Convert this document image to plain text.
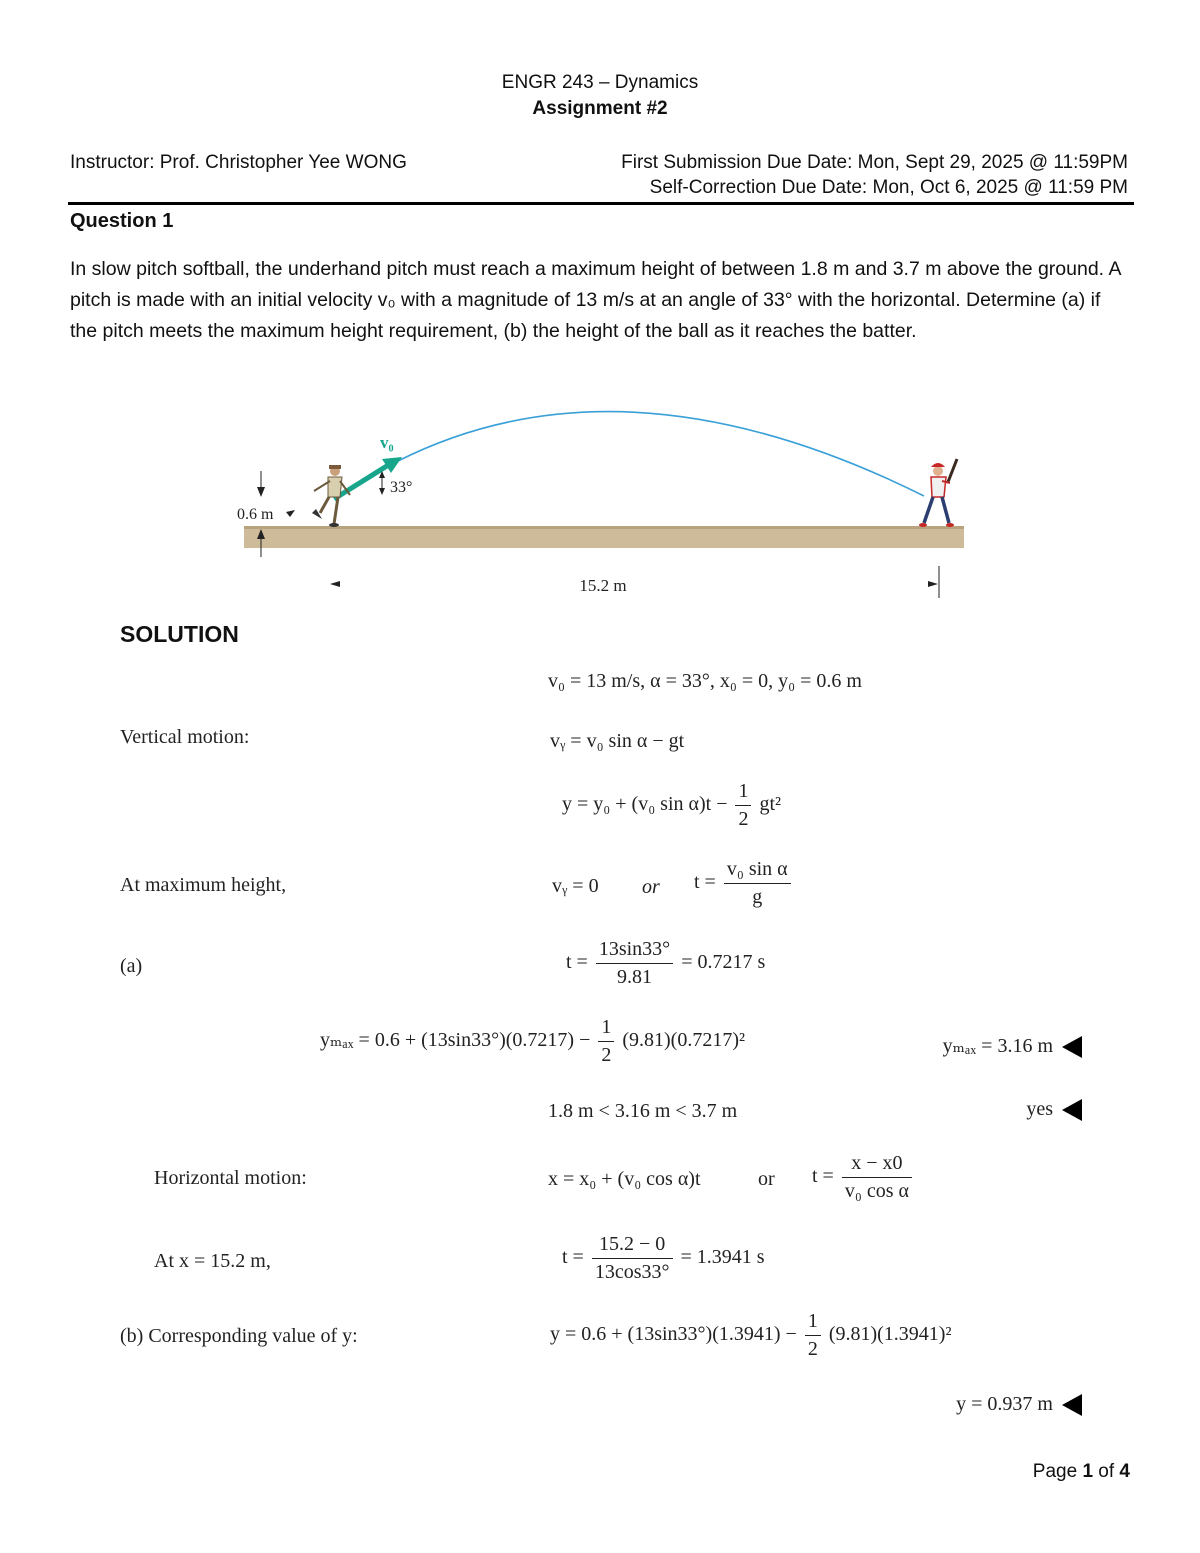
ENGR 243 – Dynamics
Assignment #2
Instructor: Prof. Christopher Yee WONG	First Submission Due Date: Mon, Sept 29, 2025 @ 11:59PM
Self-Correction Due Date: Mon, Oct 6, 2025 @ 11:59 PM
Question 1
In slow pitch softball, the underhand pitch must reach a maximum height of between 1.8 m and 3.7 m above the ground. A pitch is made with an initial velocity v₀ with a magnitude of 13 m/s at an angle of 33° with the horizontal. Determine (a) if the pitch meets the maximum height requirement, (b) the height of the ball as it reaches the batter.
v₀
33°
0.6 m
15.2 m
SOLUTION
v₀ = 13 m/s, α = 33°, x₀ = 0, y₀ = 0.6 m
Vertical motion:	vᵧ = v₀ sin α − gt
y = y₀ + (v₀ $\sin \alpha)t - \frac{1}{2} gt^2$
At maximum height,	vᵧ = 0 or $t = \frac{\text{v₀ sin α}}{g}$
(a)	$t = \frac{13\sin 33^\circ}{9.81} = 0.7217$ s
$y_{max} = 0.6 + (13\sin 33^\circ)(0.7217) - \frac{1}{2} (9.81)(0.7217)^2$	yₘₐₓ = 3.16 m
1.8 m < 3.16 m < 3.7 m	yes
Horizontal motion:	x = x₀ + (v₀ cos α)t	or $t = \frac{x - x0}{\text{v₀ cos α}}$
At x = 15.2 m,	$t = \frac{15.2 - 0}{13\cos 33^\circ} = 1.3941$ s
(b) Corresponding value of y:	$y = 0.6 + (13\sin 33^\circ)(1.3941) - \frac{1}{2} (9.81)(1.3941)^2$
y = 0.937 m
Page 1 of 4
